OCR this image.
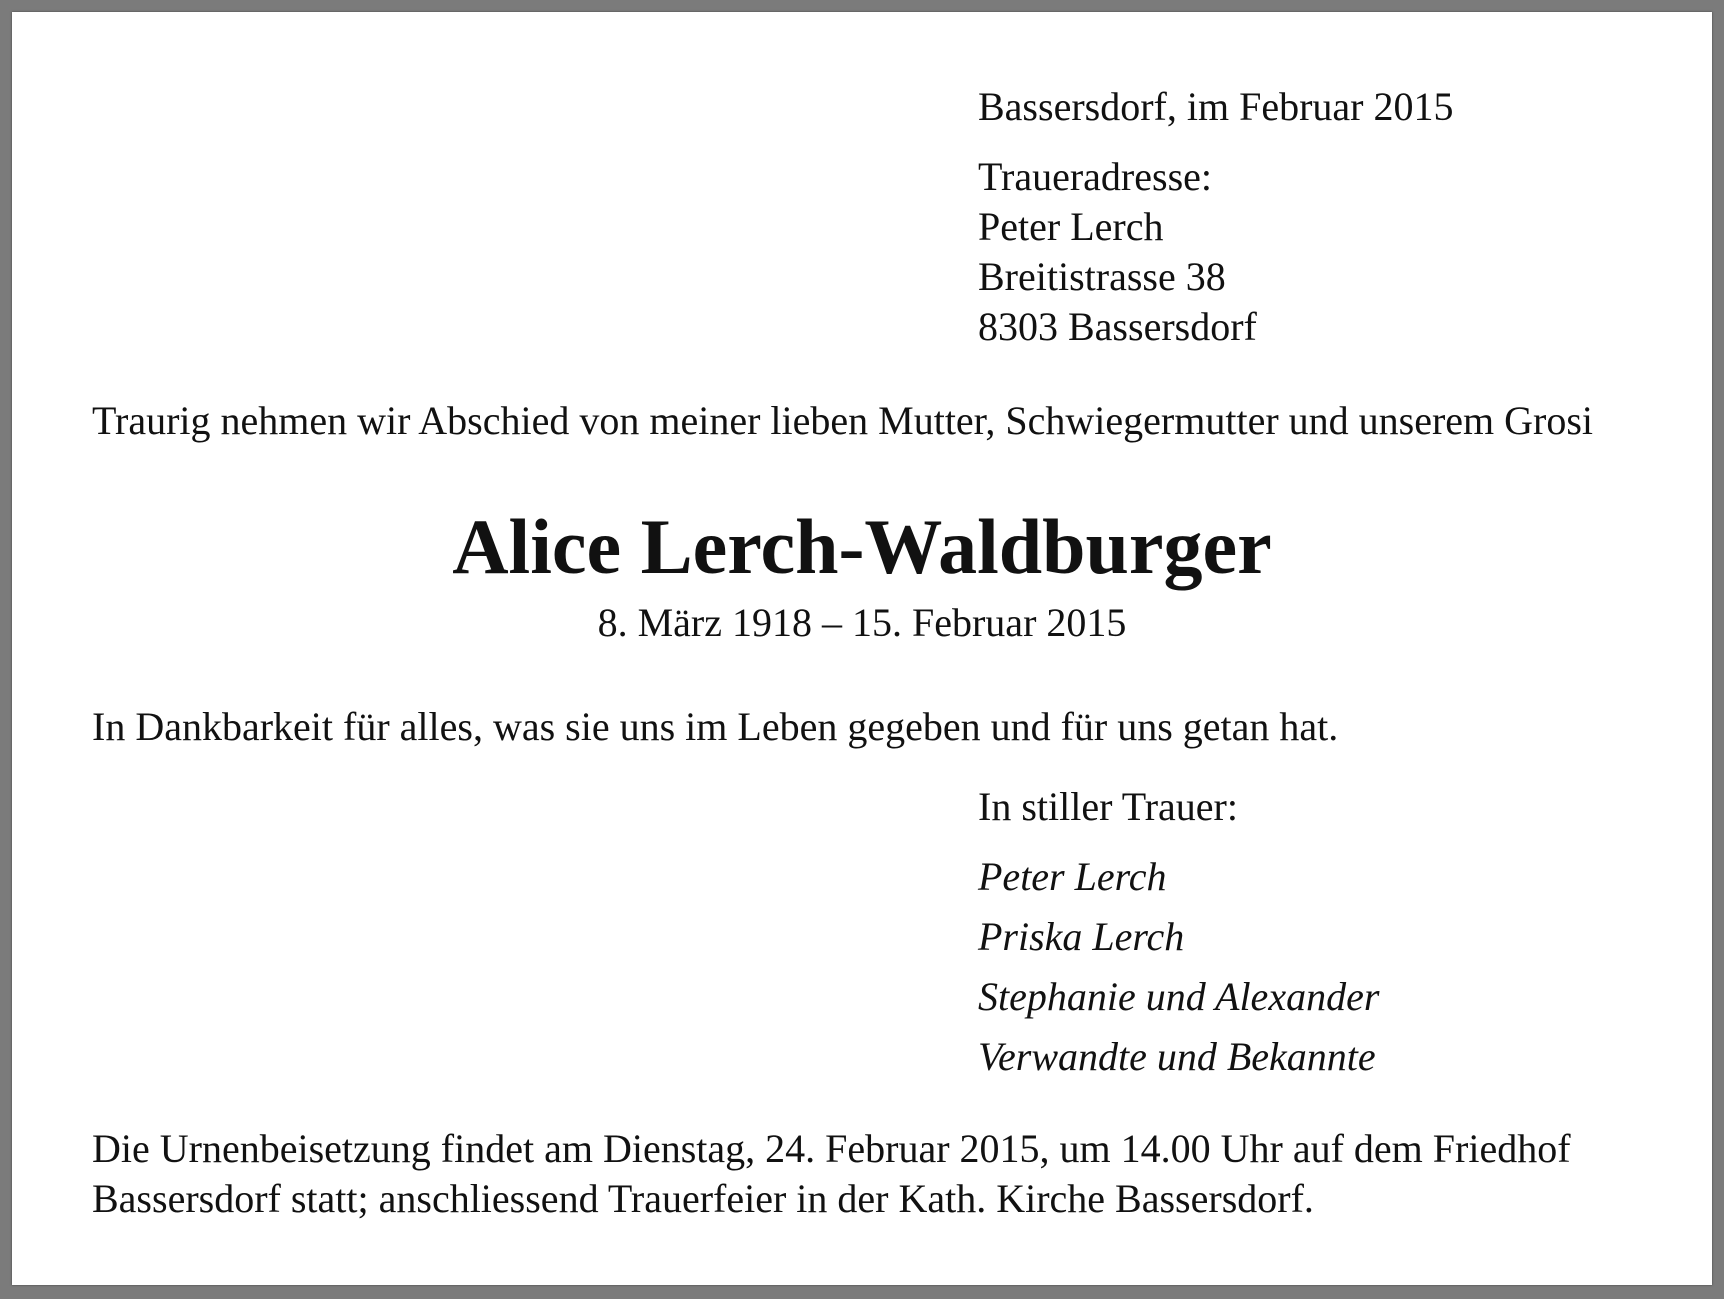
Bassersdorf, im Februar 2015

Traueradresse:

Peter Lerch

Breitistrasse 38

8303 Bassersdorf

Traurig nehmen wir Abschied von meiner lieben Mutter, Schwiegermutter und unserem Grosi

Alice Lerch-Waldburger

8. März 1918 – 15. Februar 2015

In Dankbarkeit für alles, was sie uns im Leben gegeben und für uns getan hat.

In stiller Trauer:

Peter Lerch

Priska Lerch

Stephanie und Alexander

Verwandte und Bekannte

Die Urnenbeisetzung findet am Dienstag, 24. Februar 2015, um 14.00 Uhr auf dem Friedhof

Bassersdorf statt; anschliessend Trauerfeier in der Kath. Kirche Bassersdorf.
